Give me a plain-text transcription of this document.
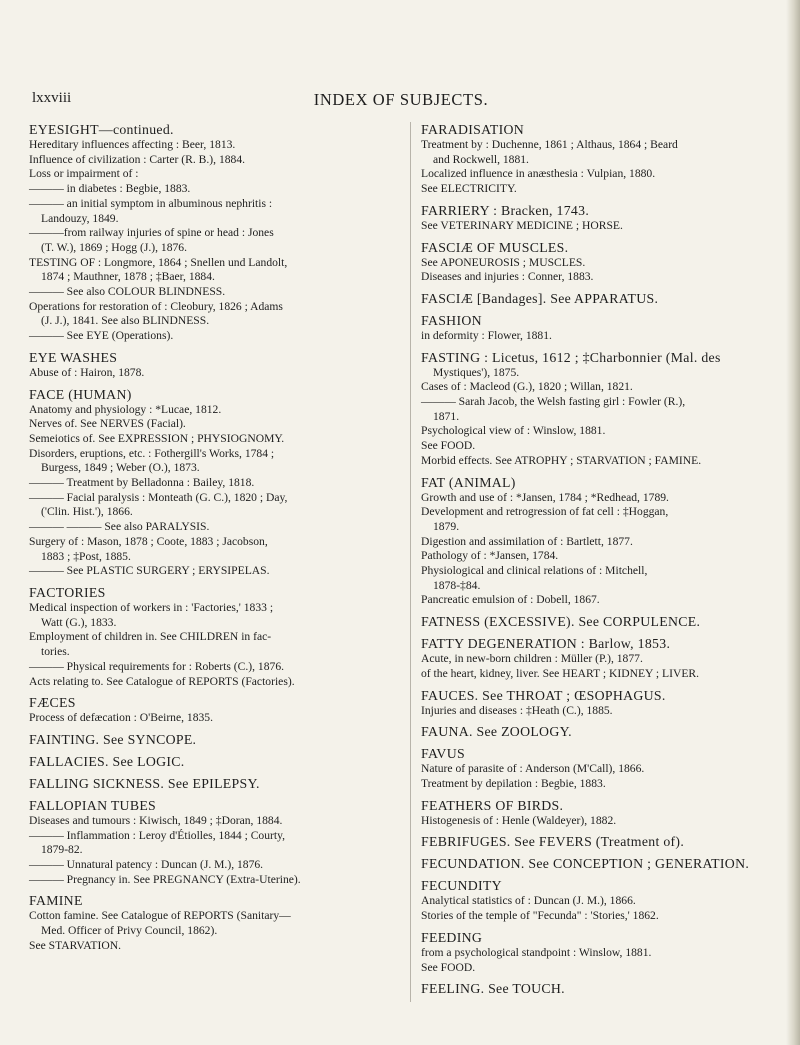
lxxviii	INDEX OF SUBJECTS.
EYESIGHT—continued.
Hereditary influences affecting : Beer, 1813.
Influence of civilization : Carter (R. B.), 1884.
Loss or impairment of :
——— in diabetes : Begbie, 1883.
——— an initial symptom in albuminous nephritis :
Landouzy, 1849.
———from railway injuries of spine or head : Jones
(T. W.), 1869 ; Hogg (J.), 1876.
TESTING OF : Longmore, 1864 ; Snellen und Landolt,
1874 ; Mauthner, 1878 ; ‡Baer, 1884.
——— See also COLOUR BLINDNESS.
Operations for restoration of : Cleobury, 1826 ; Adams
(J. J.), 1841. See also BLINDNESS.
——— See EYE (Operations).
EYE WASHES
Abuse of : Hairon, 1878.
FACE (HUMAN)
Anatomy and physiology : *Lucae, 1812.
Nerves of. See NERVES (Facial).
Semeiotics of. See EXPRESSION ; PHYSIOGNOMY.
Disorders, eruptions, etc. : Fothergill's Works, 1784 ;
Burgess, 1849 ; Weber (O.), 1873.
——— Treatment by Belladonna : Bailey, 1818.
——— Facial paralysis : Monteath (G. C.), 1820 ; Day,
('Clin. Hist.'), 1866.
——— ——— See also PARALYSIS.
Surgery of : Mason, 1878 ; Coote, 1883 ; Jacobson,
1883 ; ‡Post, 1885.
——— See PLASTIC SURGERY ; ERYSIPELAS.
FACTORIES
Medical inspection of workers in : 'Factories,' 1833 ;
Watt (G.), 1833.
Employment of children in. See CHILDREN in fac-
tories.
——— Physical requirements for : Roberts (C.), 1876.
Acts relating to. See Catalogue of REPORTS (Factories).
FÆCES
Process of defæcation : O'Beirne, 1835.
FAINTING. See SYNCOPE.
FALLACIES. See LOGIC.
FALLING SICKNESS. See EPILEPSY.
FALLOPIAN TUBES
Diseases and tumours : Kiwisch, 1849 ; ‡Doran, 1884.
——— Inflammation : Leroy d'Étiolles, 1844 ; Courty,
1879-82.
——— Unnatural patency : Duncan (J. M.), 1876.
——— Pregnancy in. See PREGNANCY (Extra-Uterine).
FAMINE
Cotton famine. See Catalogue of REPORTS (Sanitary—
Med. Officer of Privy Council, 1862).
See STARVATION.
FARADISATION
Treatment by : Duchenne, 1861 ; Althaus, 1864 ; Beard
and Rockwell, 1881.
Localized influence in anæsthesia : Vulpian, 1880.
See ELECTRICITY.
FARRIERY : Bracken, 1743.
See VETERINARY MEDICINE ; HORSE.
FASCIÆ OF MUSCLES.
See APONEUROSIS ; MUSCLES.
Diseases and injuries : Conner, 1883.
FASCIÆ [Bandages]. See APPARATUS.
FASHION
in deformity : Flower, 1881.
FASTING : Licetus, 1612 ; ‡Charbonnier (Mal. des
Mystiques'), 1875.
Cases of : Macleod (G.), 1820 ; Willan, 1821.
——— Sarah Jacob, the Welsh fasting girl : Fowler (R.),
1871.
Psychological view of : Winslow, 1881.
See FOOD.
Morbid effects. See ATROPHY ; STARVATION ; FAMINE.
FAT (ANIMAL)
Growth and use of : *Jansen, 1784 ; *Redhead, 1789.
Development and retrogression of fat cell : ‡Hoggan,
1879.
Digestion and assimilation of : Bartlett, 1877.
Pathology of : *Jansen, 1784.
Physiological and clinical relations of : Mitchell,
1878-‡84.
Pancreatic emulsion of : Dobell, 1867.
FATNESS (EXCESSIVE). See CORPULENCE.
FATTY DEGENERATION : Barlow, 1853.
Acute, in new-born children : Müller (P.), 1877.
of the heart, kidney, liver. See HEART ; KIDNEY ; LIVER.
FAUCES. See THROAT ; ŒSOPHAGUS.
Injuries and diseases : ‡Heath (C.), 1885.
FAUNA. See ZOOLOGY.
FAVUS
Nature of parasite of : Anderson (M'Call), 1866.
Treatment by depilation : Begbie, 1883.
FEATHERS OF BIRDS.
Histogenesis of : Henle (Waldeyer), 1882.
FEBRIFUGES. See FEVERS (Treatment of).
FECUNDATION. See CONCEPTION ; GENERATION.
FECUNDITY
Analytical statistics of : Duncan (J. M.), 1866.
Stories of the temple of "Fecunda" : 'Stories,' 1862.
FEEDING
from a psychological standpoint : Winslow, 1881.
See FOOD.
FEELING. See TOUCH.
